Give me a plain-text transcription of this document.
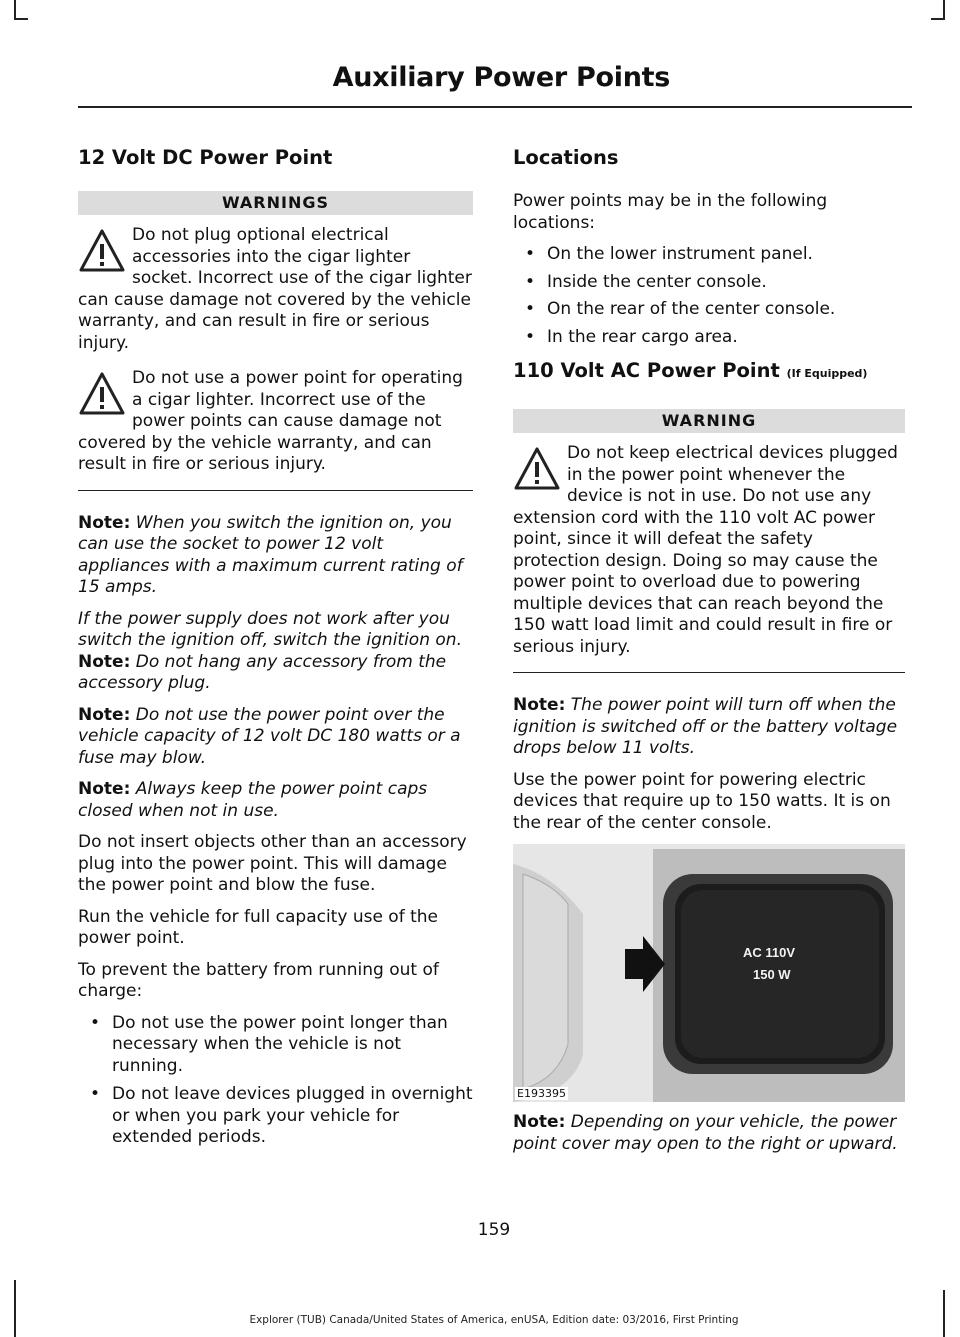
Auxiliary Power Points
12 Volt DC Power Point
WARNINGS
Do not plug optional electrical accessories into the cigar lighter socket. Incorrect use of the cigar lighter can cause damage not covered by the vehicle warranty, and can result in fire or serious injury.
Do not use a power point for operating a cigar lighter. Incorrect use of the power points can cause damage not covered by the vehicle warranty, and can result in fire or serious injury.

Note: When you switch the ignition on, you can use the socket to power 12 volt appliances with a maximum current rating of 15 amps.

If the power supply does not work after you switch the ignition off, switch the ignition on.

Note: Do not hang any accessory from the accessory plug.

Note: Do not use the power point over the vehicle capacity of 12 volt DC 180 watts or a fuse may blow.

Note: Always keep the power point caps closed when not in use.

Do not insert objects other than an accessory plug into the power point. This will damage the power point and blow the fuse.

Run the vehicle for full capacity use of the power point.

To prevent the battery from running out of charge:

• Do not use the power point longer than necessary when the vehicle is not running.
• Do not leave devices plugged in overnight or when you park your vehicle for extended periods.
Locations

Power points may be in the following locations:

• On the lower instrument panel.
• Inside the center console.
• On the rear of the center console.
• In the rear cargo area.
110 Volt AC Power Point (If Equipped)
WARNING
Do not keep electrical devices plugged in the power point whenever the device is not in use. Do not use any extension cord with the 110 volt AC power point, since it will defeat the safety protection design. Doing so may cause the power point to overload due to powering multiple devices that can reach beyond the 150 watt load limit and could result in fire or serious injury.

Note: The power point will turn off when the ignition is switched off or the battery voltage drops below 11 volts.

Use the power point for powering electric devices that require up to 150 watts. It is on the rear of the center console.

AC 110V
150 W
E193395

Note: Depending on your vehicle, the power point cover may open to the right or upward.

159
Explorer (TUB) Canada/United States of America, enUSA, Edition date: 03/2016, First Printing
